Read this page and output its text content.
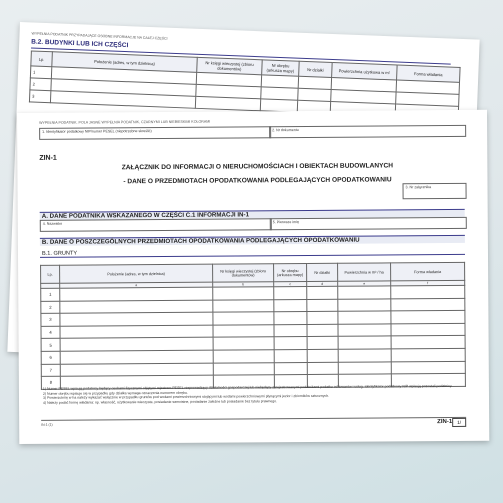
WYPEŁNIA PODATNIK PRZYPADAJĄCE OSOBNE INFORMACJE NA CAŁEJ CZĘŚCI
B.2. BUDYNKI LUB ICH CZĘŚCI
Lp.	Położenie (adres, w tym dzielnica)	Nr księgi wieczystej (zbioru dokumentów)	Nr obrębu (arkusza mapy)	Nr działki	Powierzchnia użytkowa w m²	Forma władania
1						
2						
3						
WYPEŁNIA PODATNIK. POLA JASNE WYPEŁNIA PODATNIK, CZARNYMI LUB NIEBIESKIMI KOLORAMI
1. Identyfikator podatkowy NIP/numer PESEL (niepotrzebne skreślić)	2. Nr dokumentu
ZIN-1
ZAŁĄCZNIK DO INFORMACJI O NIERUCHOMOŚCIACH I OBIEKTACH BUDOWLANYCH
- DANE O PRZEDMIOTACH OPODATKOWANIA PODLEGAJĄCYCH OPODATKOWANIU
3. Nr załącznika
A. DANE PODATNIKA WSKAZANEGO W CZĘŚCI C.1 INFORMACJI IN-1
4. Nazwisko	5. Pierwsze imię
B. DANE O POSZCZEGÓLNYCH PRZEDMIOTACH OPODATKOWANIA PODLEGAJĄCYCH OPODATKOWANIU
B.1. GRUNTY
Lp.	Położenie (adres, w tym dzielnica)	Nr księgi wieczystej (zbioru dokumentów)	Nr obrębu (arkusza mapy)	Nr działki	Powierzchnia w m² / ha	Forma władania
	a	b	c	d	e	f
1						
2						
3						
4						
5						
6						
7						
8						
1) Numer PESEL wpisują podatnicy będący osobami fizycznymi objętymi rejestrem PESEL nieprowadzący działalności gospodarczej lub niebędący zarejestrowanymi podatnikami podatku od towarów i usług. Identyfikator podatkowy NIP wpisują pozostali podatnicy.
2) Numer obrębu wpisuje się w przypadku gdy działka wymaga oznaczenia numerem obrębu.
3) Powierzchnię w ha należy wykazać wyłącznie w przypadku gruntów pod wodami powierzchniowymi stojącymi lub wodami powierzchniowymi płynącymi jezior i zbiorników sztucznych.
4) Należy podać formę władania: np. własność, użytkowanie wieczyste, posiadanie samoistne, posiadanie zależne lub posiadanie bez tytułu prawnego.
IN-1 (1)	ZIN-1	1/
